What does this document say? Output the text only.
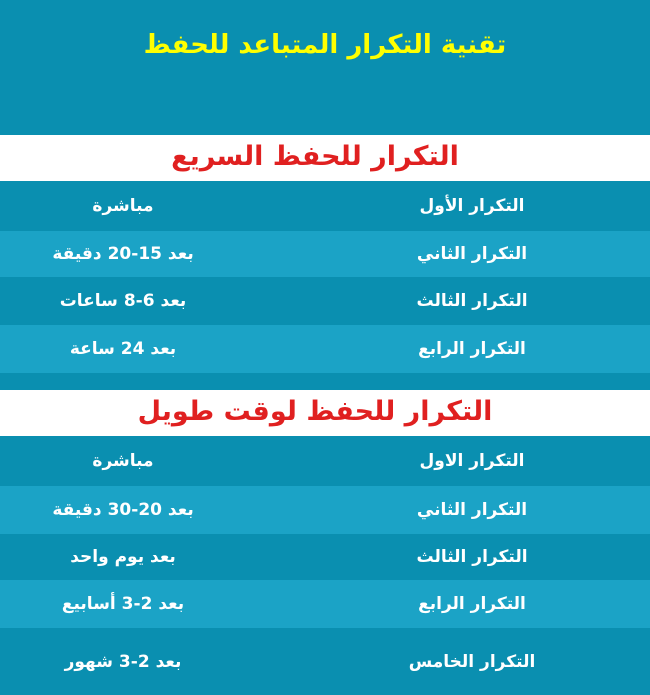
تقنية التكرار المتباعد للحفظ
التكرار للحفظ السريع
التكرار الأول
مباشرة
التكرار الثاني
بعد 15-20 دقيقة
التكرار الثالث
بعد 6-8 ساعات
التكرار الرابع
بعد 24 ساعة
التكرار للحفظ لوقت طويل
التكرار الاول
مباشرة
التكرار الثاني
بعد 20-30 دقيقة
التكرار الثالث
بعد يوم واحد
التكرار الرابع
بعد 2-3 أسابيع
التكرار الخامس
بعد 2-3 شهور
